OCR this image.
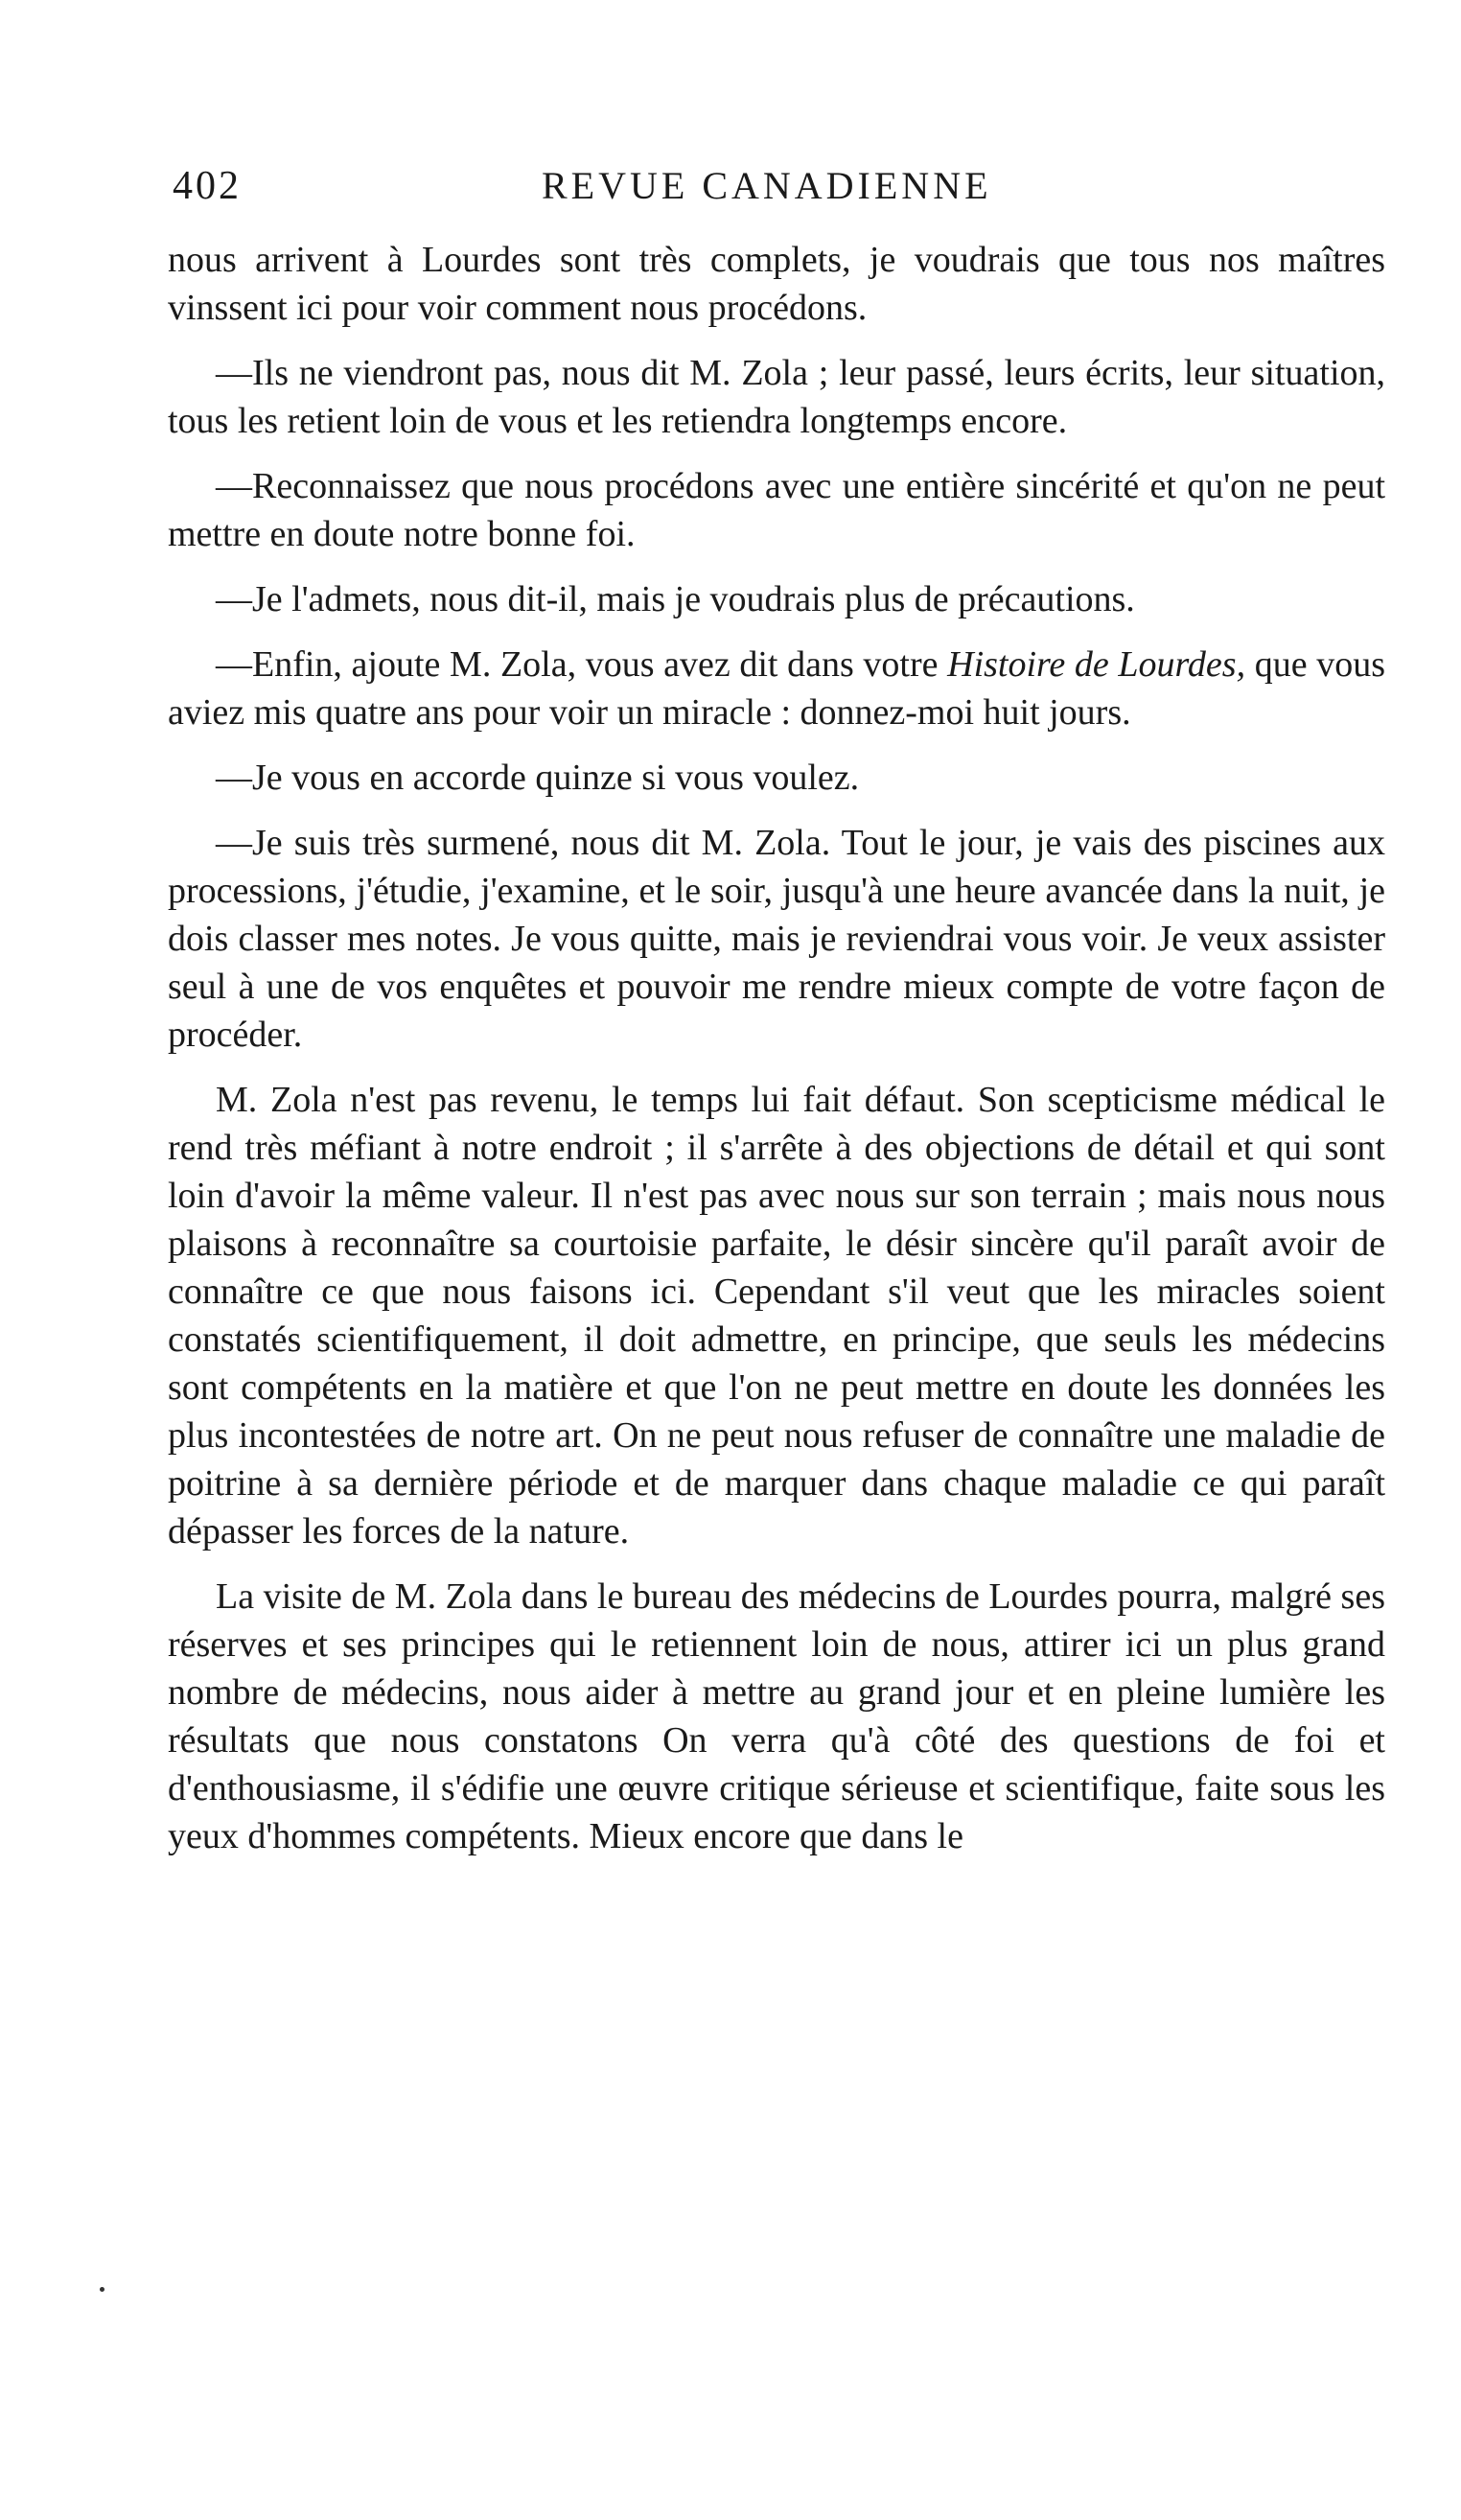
402	REVUE CANADIENNE

nous arrivent à Lourdes sont très complets, je voudrais que tous nos maîtres vinssent ici pour voir comment nous procédons.

—Ils ne viendront pas, nous dit M. Zola ; leur passé, leurs écrits, leur situation, tous les retient loin de vous et les retiendra longtemps encore.

—Reconnaissez que nous procédons avec une entière sincérité et qu'on ne peut mettre en doute notre bonne foi.

—Je l'admets, nous dit-il, mais je voudrais plus de précautions.

—Enfin, ajoute M. Zola, vous avez dit dans votre Histoire de Lourdes, que vous aviez mis quatre ans pour voir un miracle : donnez-moi huit jours.

—Je vous en accorde quinze si vous voulez.

—Je suis très surmené, nous dit M. Zola. Tout le jour, je vais des piscines aux processions, j'étudie, j'examine, et le soir, jusqu'à une heure avancée dans la nuit, je dois classer mes notes. Je vous quitte, mais je reviendrai vous voir. Je veux assister seul à une de vos enquêtes et pouvoir me rendre mieux compte de votre façon de procéder.

M. Zola n'est pas revenu, le temps lui fait défaut. Son scepticisme médical le rend très méfiant à notre endroit ; il s'arrête à des objections de détail et qui sont loin d'avoir la même valeur. Il n'est pas avec nous sur son terrain ; mais nous nous plaisons à reconnaître sa courtoisie parfaite, le désir sincère qu'il paraît avoir de connaître ce que nous faisons ici. Cependant s'il veut que les miracles soient constatés scientifiquement, il doit admettre, en principe, que seuls les médecins sont compétents en la matière et que l'on ne peut mettre en doute les données les plus incontestées de notre art. On ne peut nous refuser de connaître une maladie de poitrine à sa dernière période et de marquer dans chaque maladie ce qui paraît dépasser les forces de la nature.

La visite de M. Zola dans le bureau des médecins de Lourdes pourra, malgré ses réserves et ses principes qui le retiennent loin de nous, attirer ici un plus grand nombre de médecins, nous aider à mettre au grand jour et en pleine lumière les résultats que nous constatons On verra qu'à côté des questions de foi et d'enthousiasme, il s'édifie une œuvre critique sérieuse et scientifique, faite sous les yeux d'hommes compétents. Mieux encore que dans le
